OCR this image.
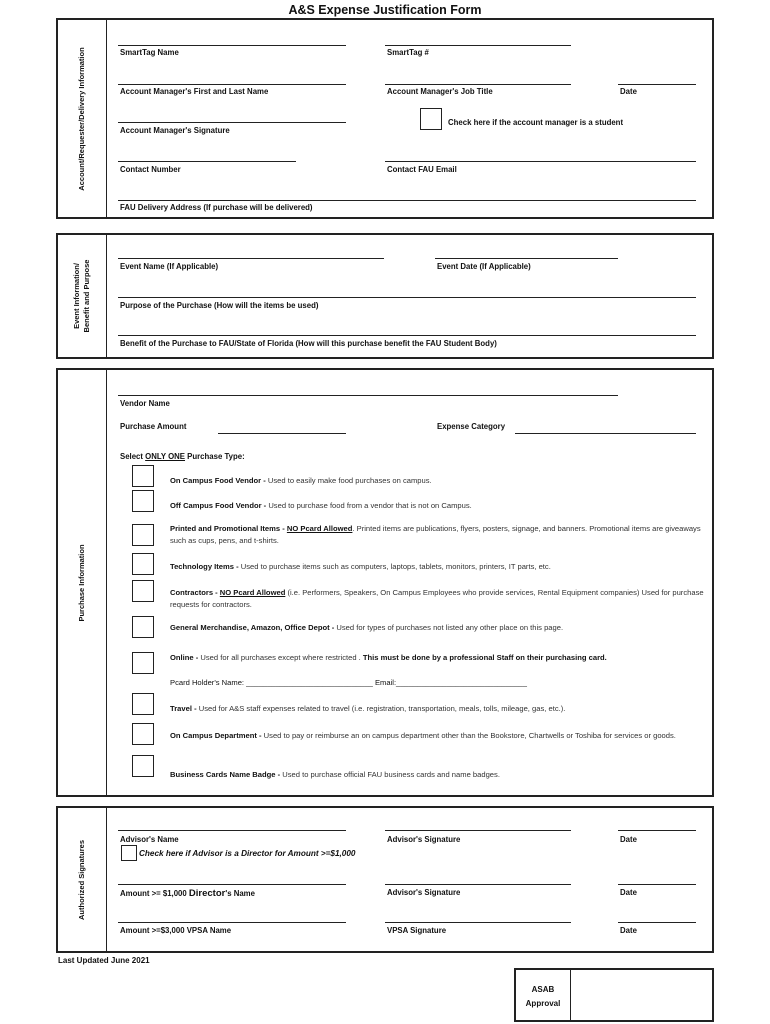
A&S Expense Justification Form
Account/Requester/Delivery Information	SmartTag Name	SmartTag #
Account Manager's First and Last Name	Account Manager's Job Title	Date
Check here if the account manager is a student
Account Manager's Signature
Contact Number	Contact FAU Email
FAU Delivery Address (If purchase will be delivered)
Event Information/ Benefit and Purpose	Event Name (If Applicable)	Event Date (If Applicable)
Purpose of the Purchase (How will the items be used)
Benefit of the Purchase to FAU/State of Florida (How will this purchase benefit the FAU Student Body)
Purchase Information
Vendor Name
Purchase Amount	Expense Category
Select ONLY ONE Purchase Type:
On Campus Food Vendor - Used to easily make food purchases on campus.
Off Campus Food Vendor - Used to purchase food from a vendor that is not on Campus.
Printed and Promotional Items - NO Pcard Allowed. Printed items are publications, flyers, posters, signage, and banners. Promotional items are giveaways such as cups, pens, and t-shirts.
Technology Items - Used to purchase items such as computers, laptops, tablets, monitors, printers, IT parts, etc.
Contractors - NO Pcard Allowed (i.e. Performers, Speakers, On Campus Employees who provide services, Rental Equipment companies) Used for purchase requests for contractors.
General Merchandise, Amazon, Office Depot - Used for types of purchases not listed any other place on this page.
Online - Used for all purchases except where restricted . This must be done by a professional Staff on their purchasing card.
Pcard Holder's Name: ______________________________ Email:_______________________________
Travel - Used for A&S staff expenses related to travel (i.e. registration, transportation, meals, tolls, mileage, gas, etc.).
On Campus Department - Used to pay or reimburse an on campus department other than the Bookstore, Chartwells or Toshiba for services or goods.
Business Cards Name Badge - Used to purchase official FAU business cards and name badges.
Authorized Signatures	Advisor's Name	Advisor's Signature	Date
Check here if Advisor is a Director for Amount >=$1,000
Amount >= $1,000 Director's Name	Advisor's Signature	Date
Amount >=$3,000 VPSA Name	VPSA Signature	Date
Last Updated June 2021
ASAB
Approval
